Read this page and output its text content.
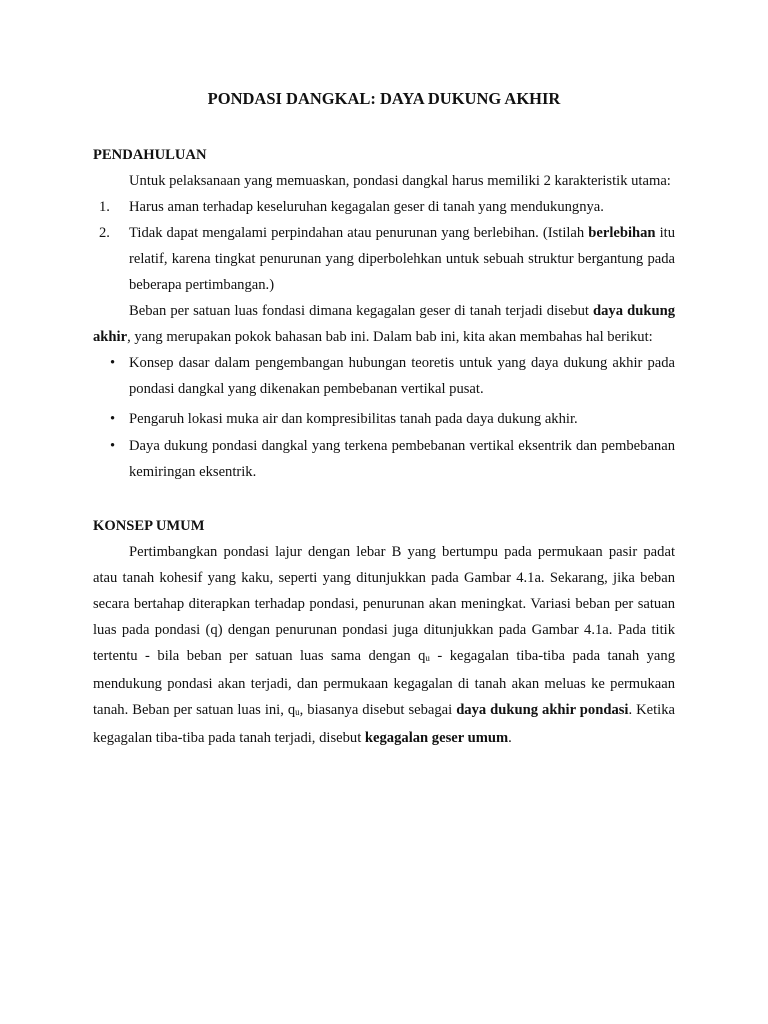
PONDASI DANGKAL: DAYA DUKUNG AKHIR
PENDAHULUAN

Untuk pelaksanaan yang memuaskan, pondasi dangkal harus memiliki 2 karakteristik utama:

1. Harus aman terhadap keseluruhan kegagalan geser di tanah yang mendukungnya.
2. Tidak dapat mengalami perpindahan atau penurunan yang berlebihan. (Istilah berlebihan itu relatif, karena tingkat penurunan yang diperbolehkan untuk sebuah struktur bergantung pada beberapa pertimbangan.)

Beban per satuan luas fondasi dimana kegagalan geser di tanah terjadi disebut daya dukung akhir, yang merupakan pokok bahasan bab ini. Dalam bab ini, kita akan membahas hal berikut:

• Konsep dasar dalam pengembangan hubungan teoretis untuk yang daya dukung akhir pada pondasi dangkal yang dikenakan pembebanan vertikal pusat.
• Pengaruh lokasi muka air dan kompresibilitas tanah pada daya dukung akhir.
• Daya dukung pondasi dangkal yang terkena pembebanan vertikal eksentrik dan pembebanan kemiringan eksentrik.
KONSEP UMUM

Pertimbangkan pondasi lajur dengan lebar B yang bertumpu pada permukaan pasir padat atau tanah kohesif yang kaku, seperti yang ditunjukkan pada Gambar 4.1a. Sekarang, jika beban secara bertahap diterapkan terhadap pondasi, penurunan akan meningkat. Variasi beban per satuan luas pada pondasi (q) dengan penurunan pondasi juga ditunjukkan pada Gambar 4.1a. Pada titik tertentu - bila beban per satuan luas sama dengan $q_u$ - kegagalan tiba-tiba pada tanah yang mendukung pondasi akan terjadi, dan permukaan kegagalan di tanah akan meluas ke permukaan tanah. Beban per satuan luas ini, $q_u$, biasanya disebut sebagai daya dukung akhir pondasi. Ketika kegagalan tiba-tiba pada tanah terjadi, disebut kegagalan geser umum.
